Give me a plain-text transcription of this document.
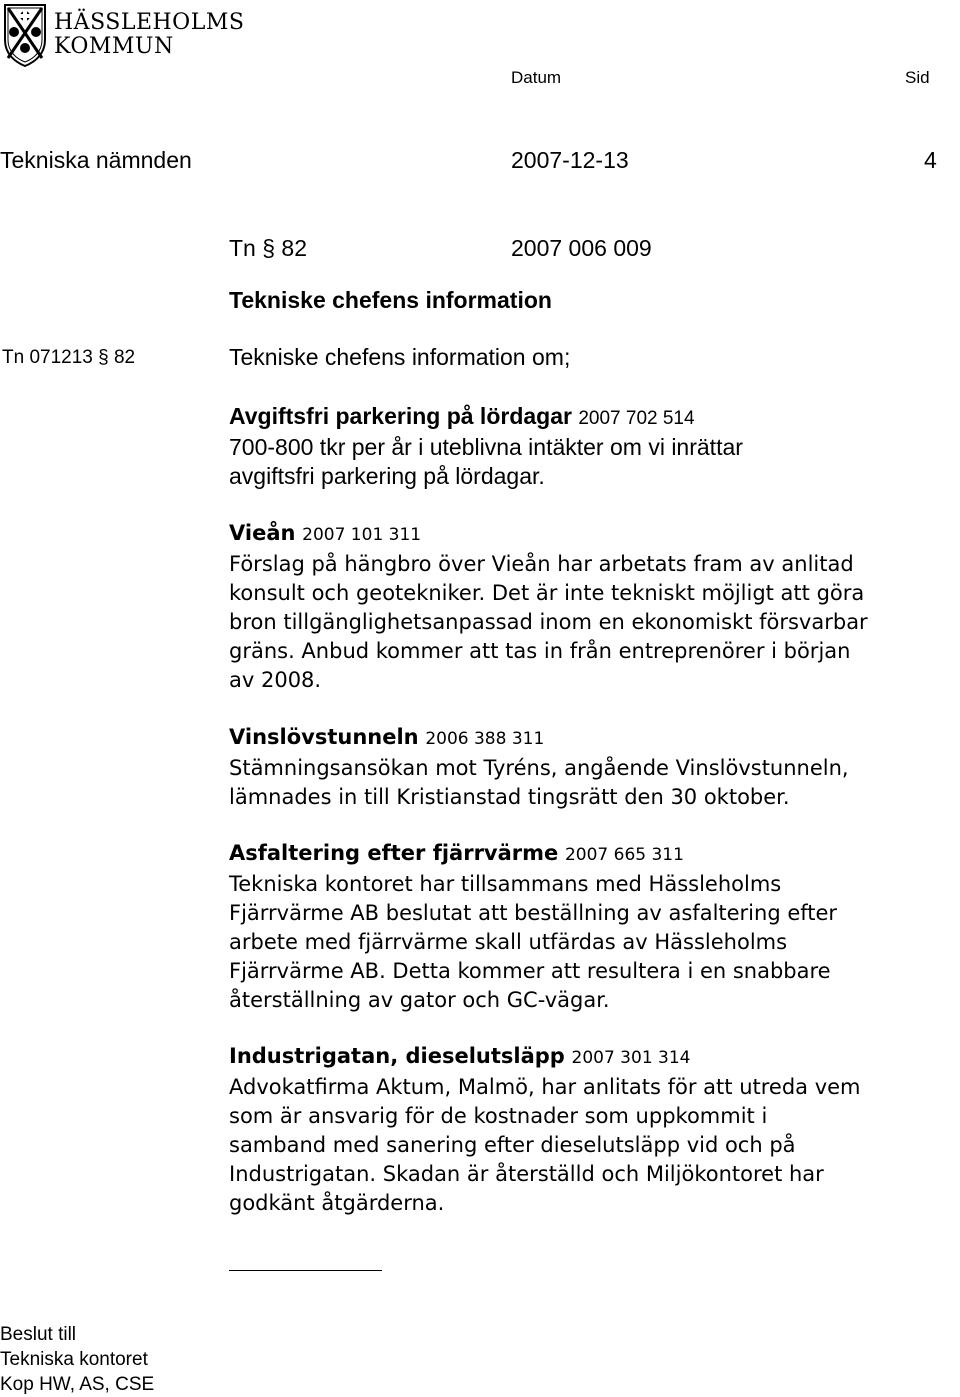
HÄSSLEHOLMS
KOMMUN
Datum	Sid
Tekniska nämnden	2007-12-13	4
Tn § 82	2007 006 009
Tekniske chefens information
Tn 071213 § 82	Tekniske chefens information om;
Avgiftsfri parkering på lördagar 2007 702 514
700-800 tkr per år i uteblivna intäkter om vi inrättar
avgiftsfri parkering på lördagar.
Vieån 2007 101 311
Förslag på hängbro över Vieån har arbetats fram av anlitad
konsult och geotekniker. Det är inte tekniskt möjligt att göra
bron tillgänglighetsanpassad inom en ekonomiskt försvarbar
gräns. Anbud kommer att tas in från entreprenörer i början
av 2008.
Vinslövstunneln 2006 388 311
Stämningsansökan mot Tyréns, angående Vinslövstunneln,
lämnades in till Kristianstad tingsrätt den 30 oktober.
Asfaltering efter fjärrvärme 2007 665 311
Tekniska kontoret har tillsammans med Hässleholms
Fjärrvärme AB beslutat att beställning av asfaltering efter
arbete med fjärrvärme skall utfärdas av Hässleholms
Fjärrvärme AB. Detta kommer att resultera i en snabbare
återställning av gator och GC-vägar.
Industrigatan, dieselutsläpp 2007 301 314
Advokatfirma Aktum, Malmö, har anlitats för att utreda vem
som är ansvarig för de kostnader som uppkommit i
samband med sanering efter dieselutsläpp vid och på
Industrigatan. Skadan är återställd och Miljökontoret har
godkänt åtgärderna.
Beslut till
Tekniska kontoret
Kop HW, AS, CSE
